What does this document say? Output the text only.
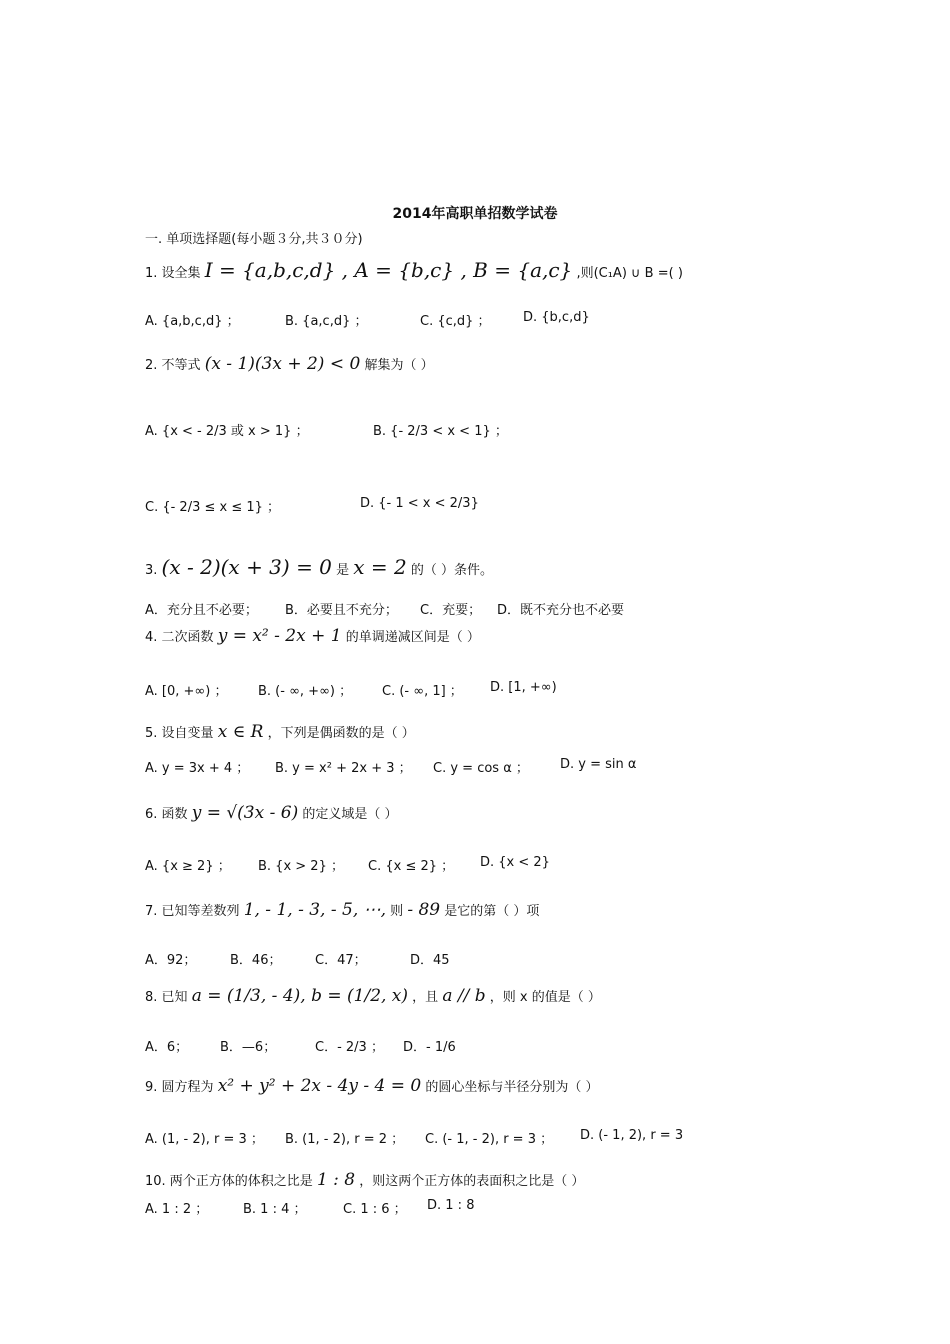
2014年高职单招数学试卷
一. 单项选择题(每小题３分,共３０分)
1. 设全集 I = {a,b,c,d} , A = {b,c} , B = {a,c} ,则(C₁A) ∪ B =( )
A. {a,b,c,d} ；	B. {a,c,d} ；	C. {c,d} ； D. {b,c,d}
2. 不等式 (x - 1)(3x + 2) < 0 解集为（ ）
A. {x < - 2/3 或 x > 1} ；	B. {- 2/3 < x < 1} ；
C. {- 2/3 ≤ x ≤ 1} ；	D. {- 1 < x < 2/3}
3. (x - 2)(x + 3) = 0 是 x = 2 的（ ）条件。
A．充分且不必要； B．必要且不充分； C．充要； D．既不充分也不必要
4. 二次函数 y = x² - 2x + 1 的单调递减区间是（ ）
A. [0, +∞) ； B. (- ∞, +∞) ； C. (- ∞, 1] ； D. [1, +∞)
5. 设自变量 x ∈ R ，下列是偶函数的是（ ）
A. y = 3x + 4 ； B. y = x² + 2x + 3 ； C. y = cos α ； D. y = sin α
6. 函数 y = √(3x - 6) 的定义域是（ ）
A. {x ≥ 2} ； B. {x > 2} ； C. {x ≤ 2} ； D. {x < 2}
7. 已知等差数列 1, - 1, - 3, - 5, ⋯, 则 - 89 是它的第（ ）项
A．92；	B．46；	C．47；	D．45
8. 已知 a = (1/3, - 4), b = (1/2, x) ，且 a // b ，则 x 的值是（ ）
A．6； B．—6；	C．- 2/3 ； D．- 1/6
9. 圆方程为 x² + y² + 2x - 4y - 4 = 0 的圆心坐标与半径分别为（ ）
A. (1, - 2), r = 3 ； B. (1, - 2), r = 2 ； C. (- 1, - 2), r = 3 ； D. (- 1, 2), r = 3
10. 两个正方体的体积之比是 1 : 8 ，则这两个正方体的表面积之比是（ ）
A. 1 : 2 ；	B. 1 : 4 ；	C. 1 : 6 ； D. 1 : 8
